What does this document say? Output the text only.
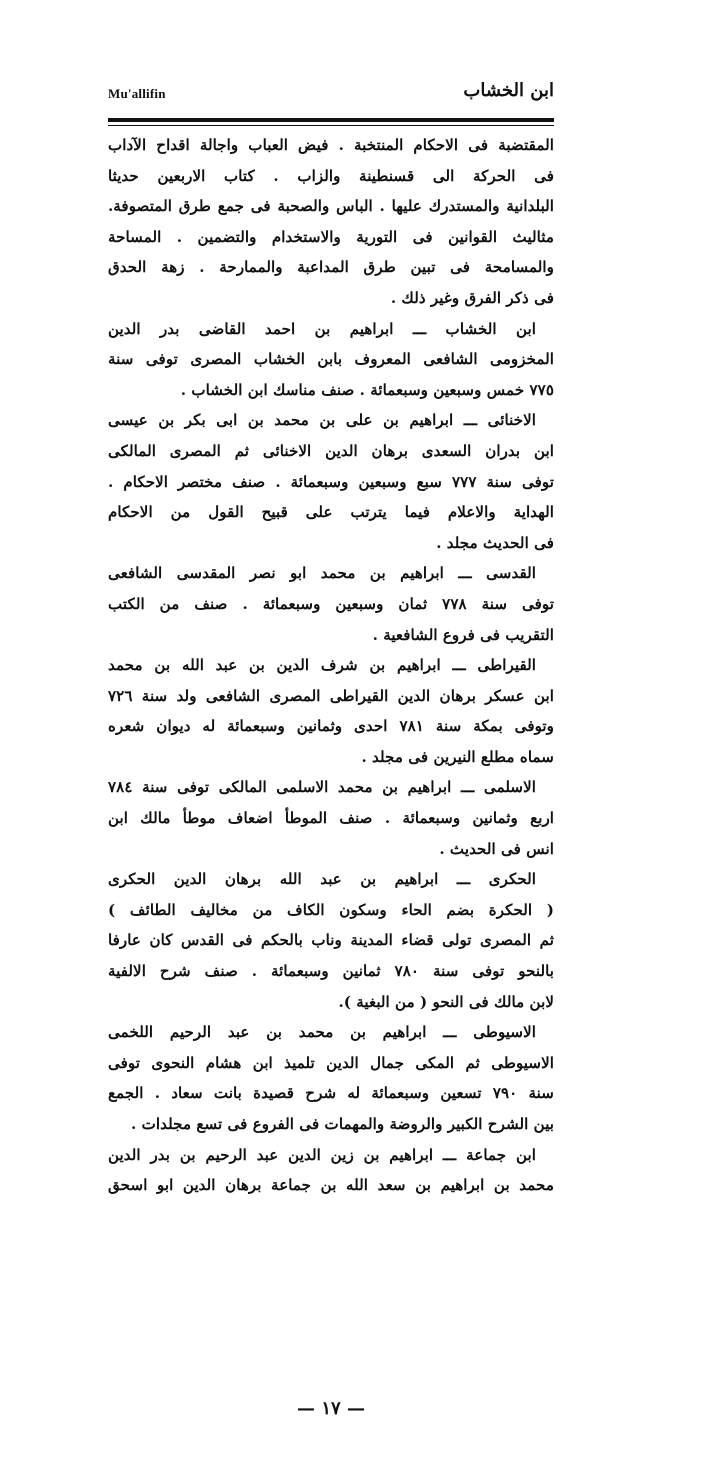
Mu'allifin	ابن الخشاب
المقتضبة فى الاحكام المنتخبة . فيض العباب واجالة اقداح الآداب
فى الحركة الى قسنطينة والزاب . كتاب الاربعين حديثا
البلدانية والمستدرك عليها . الباس والصحبة فى جمع طرق المتصوفة.
مثاليث القوانين فى التورية والاستخدام والتضمين . المساحة
والمسامحة فى تبين طرق المداعبة والممارحة . زهة الحدق
فى ذكر الفرق وغير ذلك .
ابن الخشاب ـــ ابراهيم بن احمد القاضى بدر الدين
المخزومى الشافعى المعروف بابن الخشاب المصرى توفى سنة
٧٧٥ خمس وسبعين وسبعمائة . صنف مناسك ابن الخشاب .
الاخنائى ـــ ابراهيم بن على بن محمد بن ابى بكر بن عيسى
ابن بدران السعدى برهان الدين الاخنائى ثم المصرى المالكى
توفى سنة ٧٧٧ سبع وسبعين وسبعمائة . صنف مختصر الاحكام .
الهداية والاعلام فيما يترتب على قبيح القول من الاحكام
فى الحديث مجلد .
القدسى ـــ ابراهيم بن محمد ابو نصر المقدسى الشافعى
توفى سنة ٧٧٨ ثمان وسبعين وسبعمائة . صنف من الكتب
التقريب فى فروع الشافعية .
القيراطى ـــ ابراهيم بن شرف الدين بن عبد الله بن محمد
ابن عسكر برهان الدين القيراطى المصرى الشافعى ولد سنة ٧٢٦
وتوفى بمكة سنة ٧٨١ احدى وثمانين وسبعمائة له ديوان شعره
سماه مطلع النيرين فى مجلد .
الاسلمى ـــ ابراهيم بن محمد الاسلمى المالكى توفى سنة ٧٨٤
اربع وثمانين وسبعمائة . صنف الموطأ اضعاف موطأ مالك ابن
انس فى الحديث .
الحكرى ـــ ابراهيم بن عبد الله برهان الدين الحكرى
( الحكرة بضم الحاء وسكون الكاف من مخاليف الطائف )
ثم المصرى تولى قضاء المدينة وناب بالحكم فى القدس كان عارفا
بالنحو توفى سنة ٧٨٠ ثمانين وسبعمائة . صنف شرح الالفية
لابن مالك فى النحو ( من البغية ).
الاسيوطى ـــ ابراهيم بن محمد بن عبد الرحيم اللخمى
الاسيوطى ثم المكى جمال الدين تلميذ ابن هشام النحوى توفى
سنة ٧٩٠ تسعين وسبعمائة له شرح قصيدة بانت سعاد . الجمع
بين الشرح الكبير والروضة والمهمات فى الفروع فى تسع مجلدات .
ابن جماعة ـــ ابراهيم بن زين الدين عبد الرحيم بن بدر الدين
محمد بن ابراهيم بن سعد الله بن جماعة برهان الدين ابو اسحق
— ١٧ —
